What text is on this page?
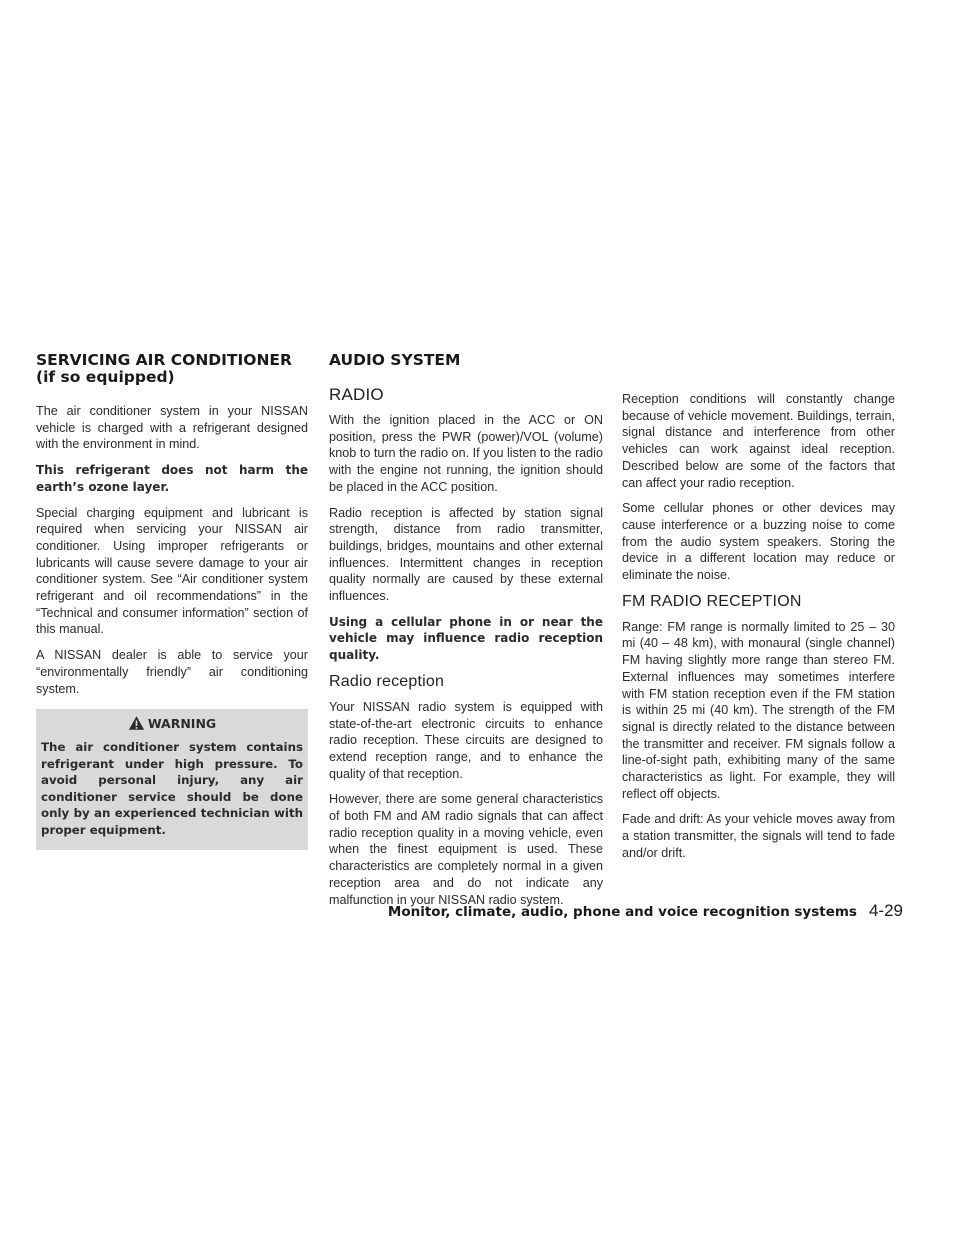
SERVICING AIR CONDITIONER (if so equipped)

The air conditioner system in your NISSAN vehicle is charged with a refrigerant designed with the environment in mind.

This refrigerant does not harm the earth’s ozone layer.

Special charging equipment and lubricant is required when servicing your NISSAN air conditioner. Using improper refrigerants or lubricants will cause severe damage to your air conditioner system. See “Air conditioner system refrigerant and oil recommendations” in the “Technical and consumer information” section of this manual.

A NISSAN dealer is able to service your “environmentally friendly” air conditioning system.

WARNING

The air conditioner system contains refrigerant under high pressure. To avoid personal injury, any air conditioner service should be done only by an experienced technician with proper equipment.

AUDIO SYSTEM
RADIO

With the ignition placed in the ACC or ON position, press the PWR (power)/VOL (volume) knob to turn the radio on. If you listen to the radio with the engine not running, the ignition should be placed in the ACC position.

Radio reception is affected by station signal strength, distance from radio transmitter, buildings, bridges, mountains and other external influences. Intermittent changes in reception quality normally are caused by these external influences.

Using a cellular phone in or near the vehicle may influence radio reception quality.

Radio reception

Your NISSAN radio system is equipped with state-of-the-art electronic circuits to enhance radio reception. These circuits are designed to extend reception range, and to enhance the quality of that reception.

However, there are some general characteristics of both FM and AM radio signals that can affect radio reception quality in a moving vehicle, even when the finest equipment is used. These characteristics are completely normal in a given reception area and do not indicate any malfunction in your NISSAN radio system.

Reception conditions will constantly change because of vehicle movement. Buildings, terrain, signal distance and interference from other vehicles can work against ideal reception. Described below are some of the factors that can affect your radio reception.

Some cellular phones or other devices may cause interference or a buzzing noise to come from the audio system speakers. Storing the device in a different location may reduce or eliminate the noise.

FM RADIO RECEPTION

Range: FM range is normally limited to 25 – 30 mi (40 – 48 km), with monaural (single channel) FM having slightly more range than stereo FM. External influences may sometimes interfere with FM station reception even if the FM station is within 25 mi (40 km). The strength of the FM signal is directly related to the distance between the transmitter and receiver. FM signals follow a line-of-sight path, exhibiting many of the same characteristics as light. For example, they will reflect off objects.

Fade and drift: As your vehicle moves away from a station transmitter, the signals will tend to fade and/or drift.

Monitor, climate, audio, phone and voice recognition systems 4-29
